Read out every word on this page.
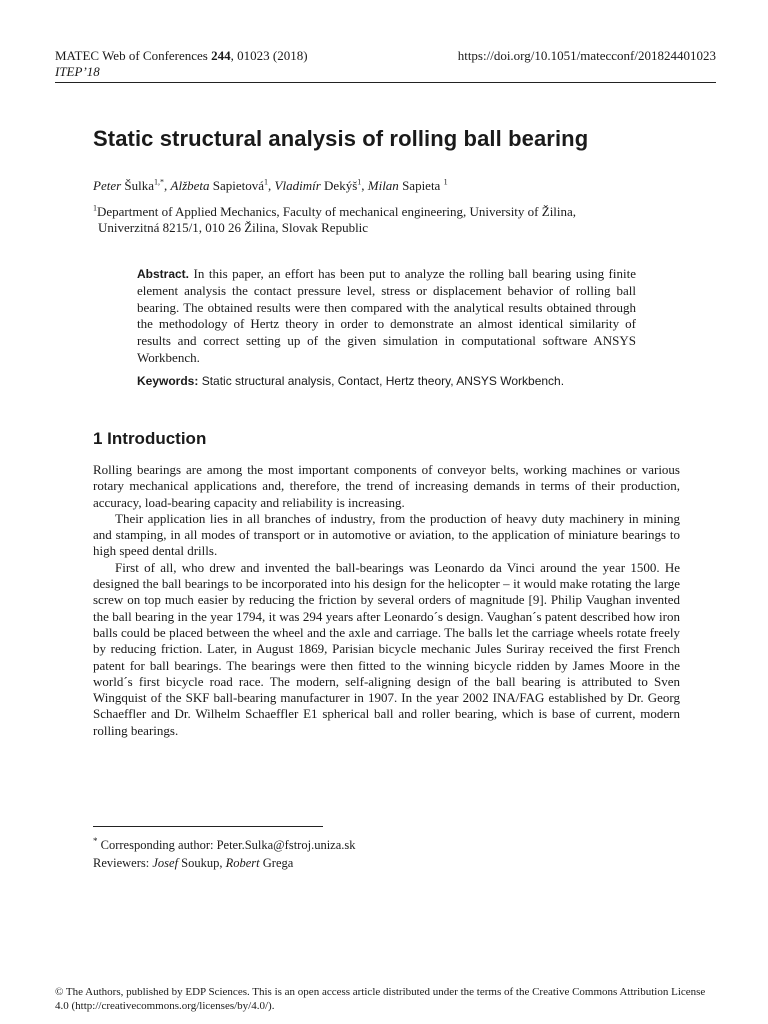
MATEC Web of Conferences 244, 01023 (2018)
ITEP’18
https://doi.org/10.1051/matecconf/201824401023
Static structural analysis of rolling ball bearing
Peter Šulka$^{1,*}$, Alžbeta Sapietová$^1$, Vladimír Dekýš$^1$, Milan Sapieta $^1$
$^1$Department of Applied Mechanics, Faculty of mechanical engineering, University of Žilina,
Univerzitná 8215/1, 010 26 Žilina, Slovak Republic
Abstract. In this paper, an effort has been put to analyze the rolling ball bearing using finite element analysis the contact pressure level, stress or displacement behavior of rolling ball bearing. The obtained results were then compared with the analytical results obtained through the methodology of Hertz theory in order to demonstrate an almost identical similarity of results and correct setting up of the given simulation in computational software ANSYS Workbench.
Keywords: Static structural analysis, Contact, Hertz theory, ANSYS Workbench.
1 Introduction

Rolling bearings are among the most important components of conveyor belts, working machines or various rotary mechanical applications and, therefore, the trend of increasing demands in terms of their production, accuracy, load-bearing capacity and reliability is increasing.

Their application lies in all branches of industry, from the production of heavy duty machinery in mining and stamping, in all modes of transport or in automotive or aviation, to the application of miniature bearings to high speed dental drills.

First of all, who drew and invented the ball-bearings was Leonardo da Vinci around the year 1500. He designed the ball bearings to be incorporated into his design for the helicopter – it would make rotating the large screw on top much easier by reducing the friction by several orders of magnitude [9]. Philip Vaughan invented the ball bearing in the year 1794, it was 294 years after Leonardo´s design. Vaughan´s patent described how iron balls could be placed between the wheel and the axle and carriage. The balls let the carriage wheels rotate freely by reducing friction. Later, in August 1869, Parisian bicycle mechanic Jules Suriray received the first French patent for ball bearings. The bearings were then fitted to the winning bicycle ridden by James Moore in the world´s first bicycle road race. The modern, self-aligning design of the ball bearing is attributed to Sven Wingquist of the SKF ball-bearing manufacturer in 1907. In the year 2002 INA/FAG established by Dr. Georg Schaeffler and Dr. Wilhelm Schaeffler E1 spherical ball and roller bearing, which is base of current, modern rolling bearings.

* Corresponding author: Peter.Sulka@fstroj.uniza.sk
Reviewers: Josef Soukup, Robert Grega
© The Authors, published by EDP Sciences. This is an open access article distributed under the terms of the Creative Commons Attribution License 4.0 (http://creativecommons.org/licenses/by/4.0/).
